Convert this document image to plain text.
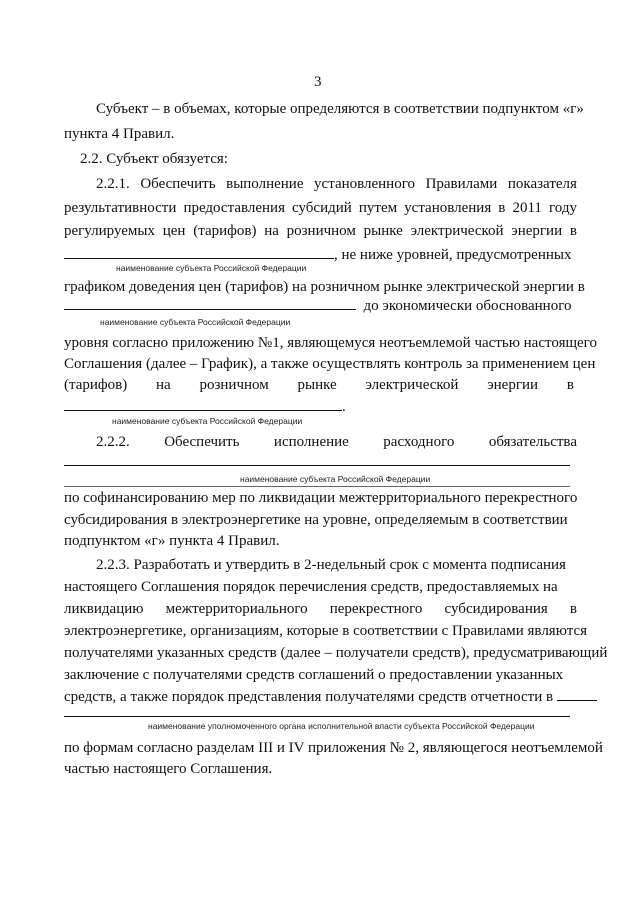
3
Субъект – в объемах, которые определяются в соответствии подпунктом «г»
пункта 4 Правил.
2.2. Субъект обязуется:
2.2.1. Обеспечить выполнение установленного Правилами показателя
результативности предоставления субсидий путем установления в 2011 году
регулируемых цен (тарифов) на розничном рынке электрической энергии в
, не ниже уровней, предусмотренных
наименование субъекта Российской Федерации
графиком доведения цен (тарифов) на розничном рынке электрической энергии в
до экономически обоснованного
наименование субъекта Российской Федерации
уровня согласно приложению №1, являющемуся неотъемлемой частью настоящего
Соглашения (далее – График), а также осуществлять контроль за применением цен
(тарифов) на розничном рынке электрической энергии в
.
наименование субъекта Российской Федерации
2.2.2. Обеспечить исполнение расходного обязательства
наименование субъекта Российской Федерации
по софинансированию мер по ликвидации межтерриториального перекрестного
субсидирования в электроэнергетике на уровне, определяемым в соответствии
подпунктом «г» пункта 4 Правил.
2.2.3. Разработать и утвердить в 2-недельный срок с момента подписания
настоящего Соглашения порядок перечисления средств, предоставляемых на
ликвидацию межтерриториального перекрестного субсидирования в
электроэнергетике, организациям, которые в соответствии с Правилами являются
получателями указанных средств (далее – получатели средств), предусматривающий
заключение с получателями средств соглашений о предоставлении указанных
средств, а также порядок представления получателями средств отчетности в
наименование уполномоченного органа исполнительной власти субъекта Российской Федерации
по формам согласно разделам III и IV приложения № 2, являющегося неотъемлемой
частью настоящего Соглашения.
